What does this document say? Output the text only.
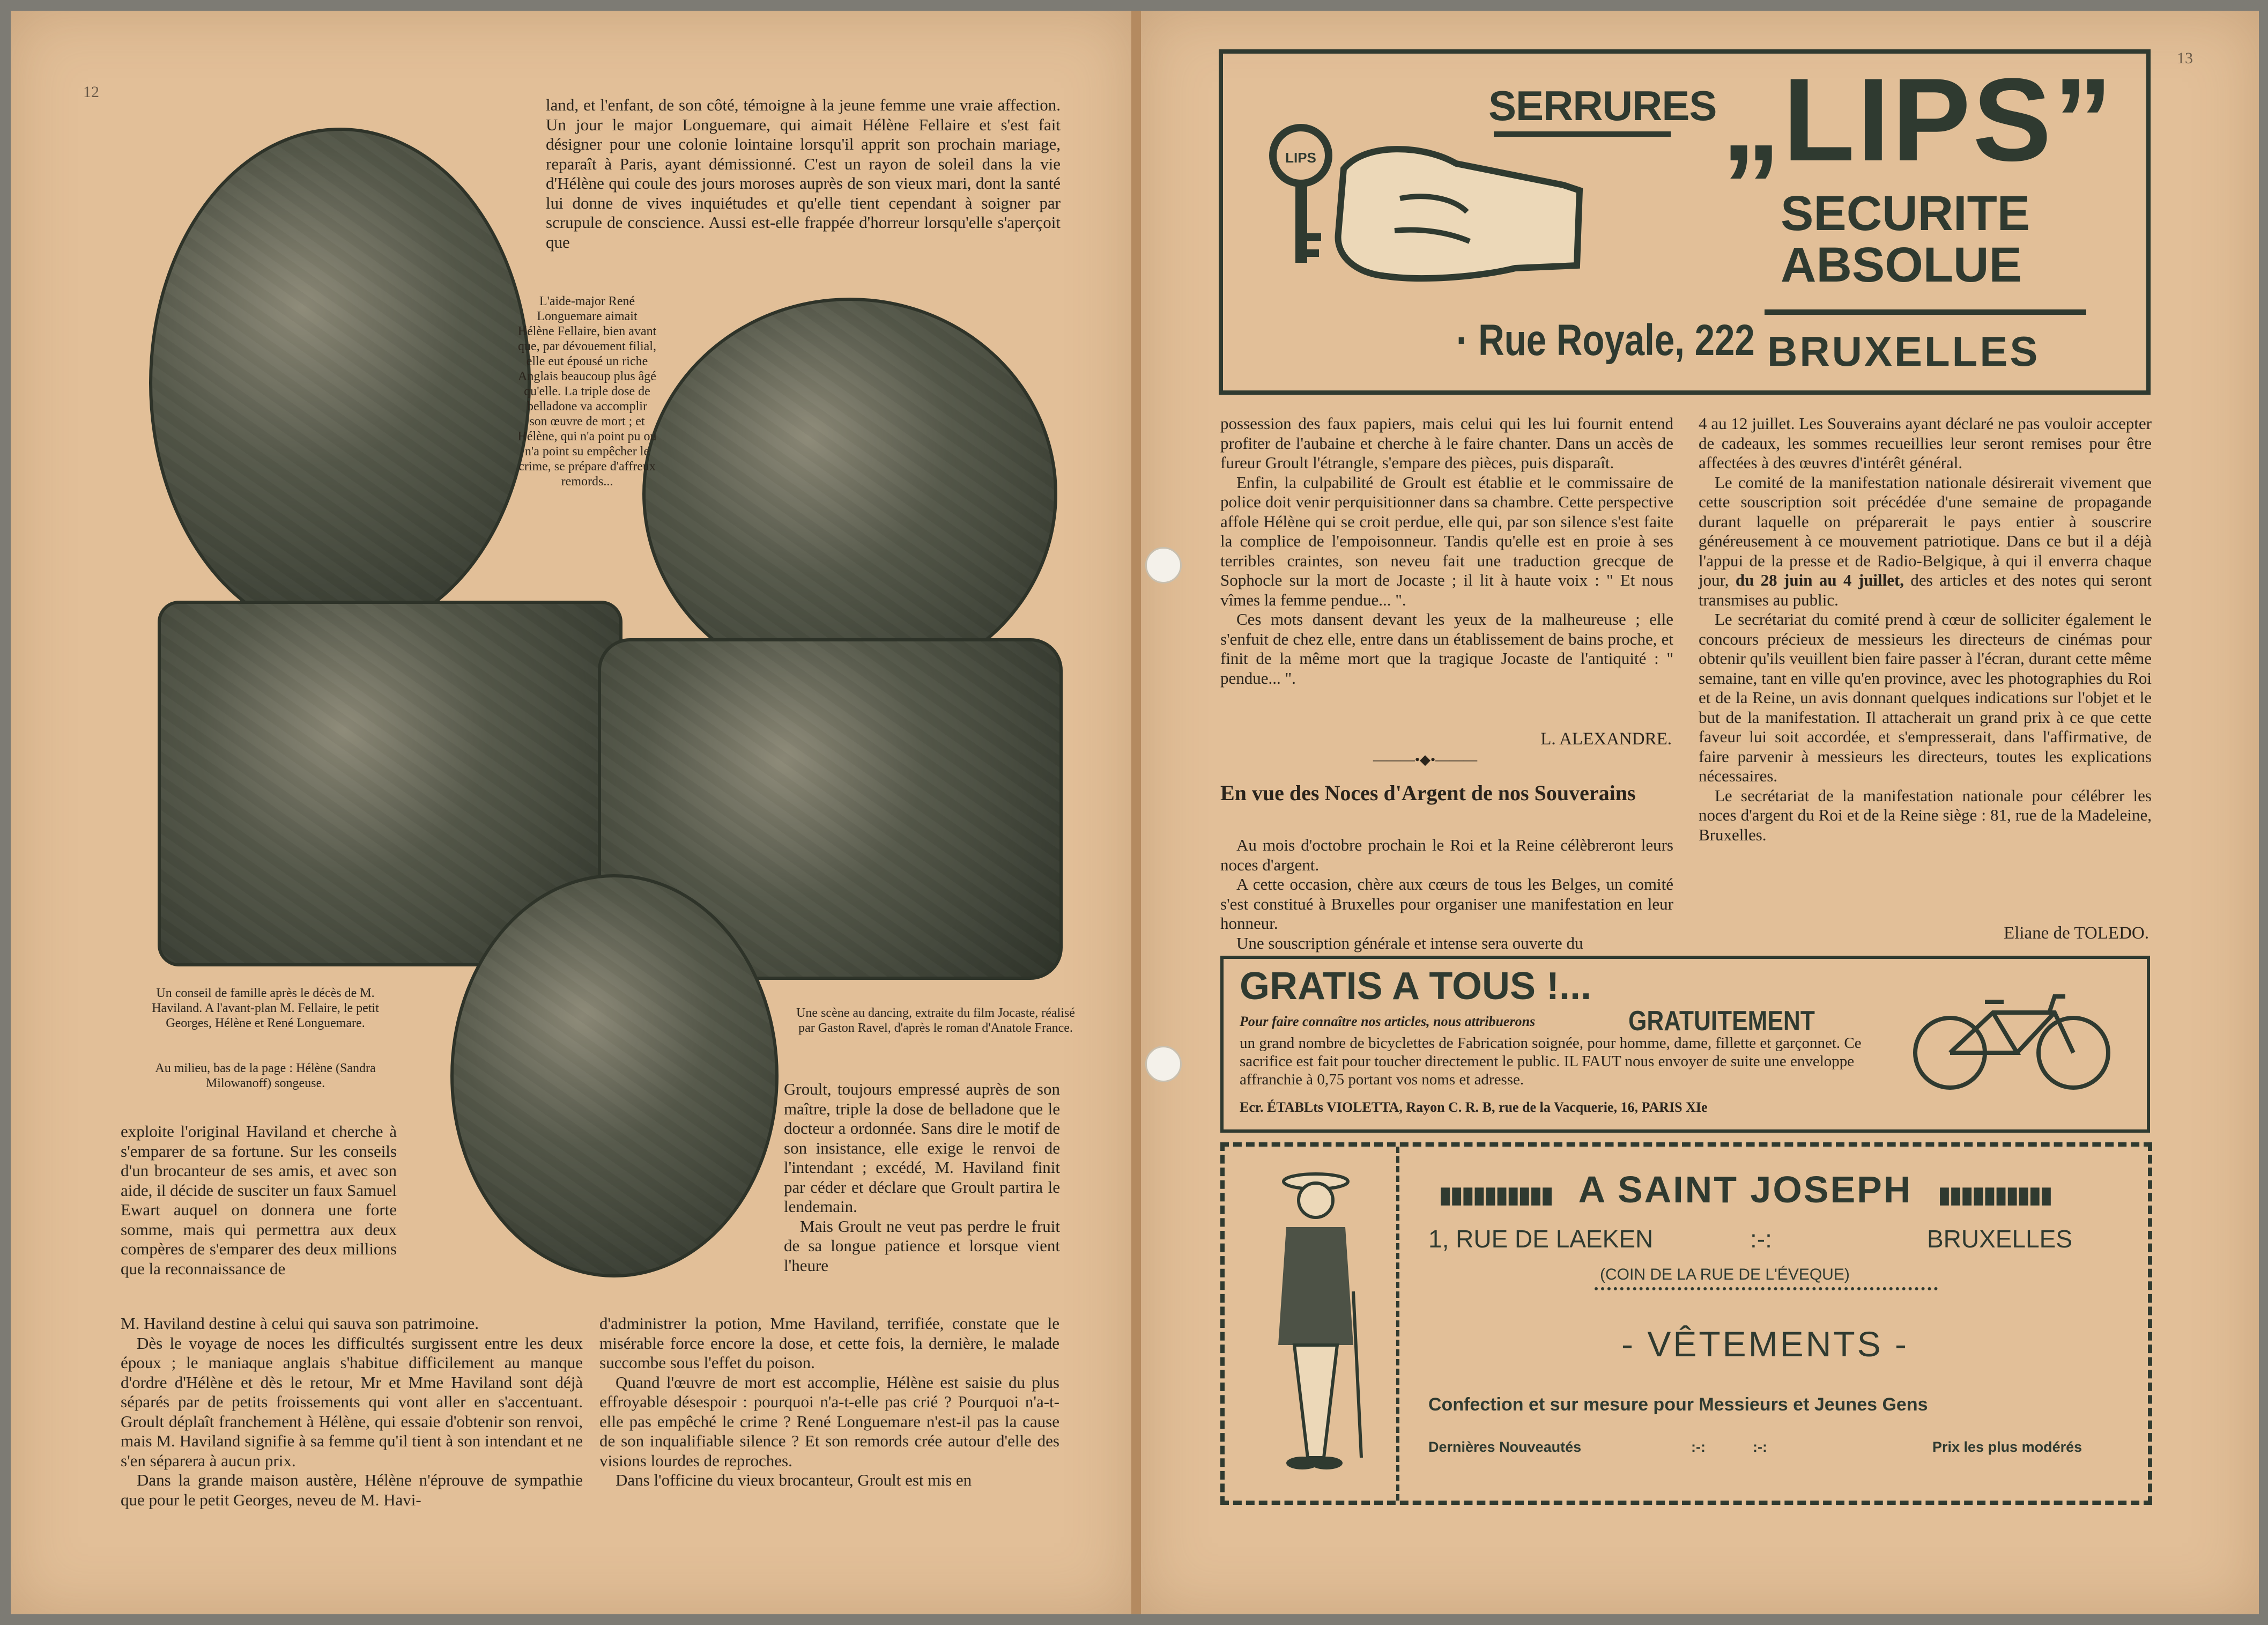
12

land, et l'enfant, de son côté, témoigne à la jeune femme une vraie affection. Un jour le major Longuemare, qui aimait Hélène Fellaire et s'est fait désigner pour une colonie lointaine lorsqu'il apprit son prochain mariage, reparaît à Paris, ayant démissionné. C'est un rayon de soleil dans la vie d'Hélène qui coule des jours moroses auprès de son vieux mari, dont la santé lui donne de vives inquiétudes et qu'elle tient cependant à soigner par scrupule de conscience. Aussi est-elle frappée d'horreur lorsqu'elle s'aperçoit que

L'aide-major René Longuemare aimait Hélène Fellaire, bien avant que, par dévouement filial, elle eut épousé un riche Anglais beaucoup plus âgé qu'elle. La triple dose de belladone va accomplir son œuvre de mort ; et Hélène, qui n'a point pu ou n'a point su empêcher le crime, se prépare d'affreux remords...
Un conseil de famille après le décès de M. Haviland. A l'avant-plan M. Fellaire, le petit Georges, Hélène et René Longuemare.
Au milieu, bas de la page : Hélène (Sandra Milowanoff) songeuse.
Une scène au dancing, extraite du film Jocaste, réalisé par Gaston Ravel, d'après le roman d'Anatole France.

exploite l'original Haviland et cherche à s'emparer de sa fortune. Sur les conseils d'un brocanteur de ses amis, et avec son aide, il décide de susciter un faux Samuel Ewart auquel on donnera une forte somme, mais qui permettra aux deux compères de s'emparer des deux millions que la reconnaissance de

Groult, toujours empressé auprès de son maître, triple la dose de belladone que le docteur a ordonnée. Sans dire le motif de son insistance, elle exige le renvoi de l'intendant ; excédé, M. Haviland finit par céder et déclare que Groult partira le lendemain.

Mais Groult ne veut pas perdre le fruit de sa longue patience et lorsque vient l'heure

M. Haviland destine à celui qui sauva son patrimoine.

Dès le voyage de noces les difficultés surgissent entre les deux époux ; le maniaque anglais s'habitue difficilement au manque d'ordre d'Hélène et dès le retour, Mr et Mme Haviland sont déjà séparés par de petits froissements qui vont aller en s'accentuant. Groult déplaît franchement à Hélène, qui essaie d'obtenir son renvoi, mais M. Haviland signifie à sa femme qu'il tient à son intendant et ne s'en séparera à aucun prix.

Dans la grande maison austère, Hélène n'éprouve de sympathie que pour le petit Georges, neveu de M. Havi-

d'administrer la potion, Mme Haviland, terrifiée, constate que le misérable force encore la dose, et cette fois, la dernière, le malade succombe sous l'effet du poison.

Quand l'œuvre de mort est accomplie, Hélène est saisie du plus effroyable désespoir : pourquoi n'a-t-elle pas crié ? Pourquoi n'a-t-elle pas empêché le crime ? René Longuemare n'est-il pas la cause de son inqualifiable silence ? Et son remords crée autour d'elle des visions lourdes de reproches.

Dans l'officine du vieux brocanteur, Groult est mis en

13
LIPS
SERRURES „LIPS”
SECURITE
ABSOLUE
· Rue Royale, 222 BRUXELLES

possession des faux papiers, mais celui qui les lui fournit entend profiter de l'aubaine et cherche à le faire chanter. Dans un accès de fureur Groult l'étrangle, s'empare des pièces, puis disparaît.

Enfin, la culpabilité de Groult est établie et le commissaire de police doit venir perquisitionner dans sa chambre. Cette perspective affole Hélène qui se croit perdue, elle qui, par son silence s'est faite la complice de l'empoisonneur. Tandis qu'elle est en proie à ses terribles craintes, son neveu fait une traduction grecque de Sophocle sur la mort de Jocaste ; il lit à haute voix : " Et nous vîmes la femme pendue... ".

Ces mots dansent devant les yeux de la malheureuse ; elle s'enfuit de chez elle, entre dans un établissement de bains proche, et finit de la même mort que la tragique Jocaste de l'antiquité : " pendue... ".

L. ALEXANDRE.
———•◆•———
En vue des Noces d'Argent de nos Souverains

Au mois d'octobre prochain le Roi et la Reine célèbreront leurs noces d'argent.

A cette occasion, chère aux cœurs de tous les Belges, un comité s'est constitué à Bruxelles pour organiser une manifestation en leur honneur.

Une souscription générale et intense sera ouverte du

4 au 12 juillet. Les Souverains ayant déclaré ne pas vouloir accepter de cadeaux, les sommes recueillies leur seront remises pour être affectées à des œuvres d'intérêt général.

Le comité de la manifestation nationale désirerait vivement que cette souscription soit précédée d'une semaine de propagande durant laquelle on préparerait le pays entier à souscrire généreusement à ce mouvement patriotique. Dans ce but il a déjà l'appui de la presse et de Radio-Belgique, à qui il enverra chaque jour, du 28 juin au 4 juillet, des articles et des notes qui seront transmises au public.

Le secrétariat du comité prend à cœur de solliciter également le concours précieux de messieurs les directeurs de cinémas pour obtenir qu'ils veuillent bien faire passer à l'écran, durant cette même semaine, tant en ville qu'en province, avec les photographies du Roi et de la Reine, un avis donnant quelques indications sur l'objet et le but de la manifestation. Il attacherait un grand prix à ce que cette faveur lui soit accordée, et s'empresserait, dans l'affirmative, de faire parvenir à messieurs les directeurs, toutes les explications nécessaires.

Le secrétariat de la manifestation nationale pour célébrer les noces d'argent du Roi et de la Reine siège : 81, rue de la Madeleine, Bruxelles.

Eliane de TOLEDO.
GRATIS A TOUS !...
Pour faire connaître nos articles, nous attribuerons	GRATUITEMENT
un grand nombre de bicyclettes de Fabrication soignée, pour homme, dame, fillette et garçonnet. Ce sacrifice est fait pour toucher directement le public. IL FAUT nous envoyer de suite une enveloppe affranchie à 0,75 portant vos noms et adresse.
Ecr. ÉTABLts VIOLETTA, Rayon C. R. B, rue de la Vacquerie, 16, PARIS XIe
▮▮▮▮▮▮▮▮▮▮ A SAINT JOSEPH ▮▮▮▮▮▮▮▮▮▮
1, RUE DE LAEKEN	:-:	BRUXELLES
(COIN DE LA RUE DE L'ÉVEQUE)
- VÊTEMENTS -
Confection et sur mesure pour Messieurs et Jeunes Gens
Dernières Nouveautés	:-:	:-:	Prix les plus modérés
